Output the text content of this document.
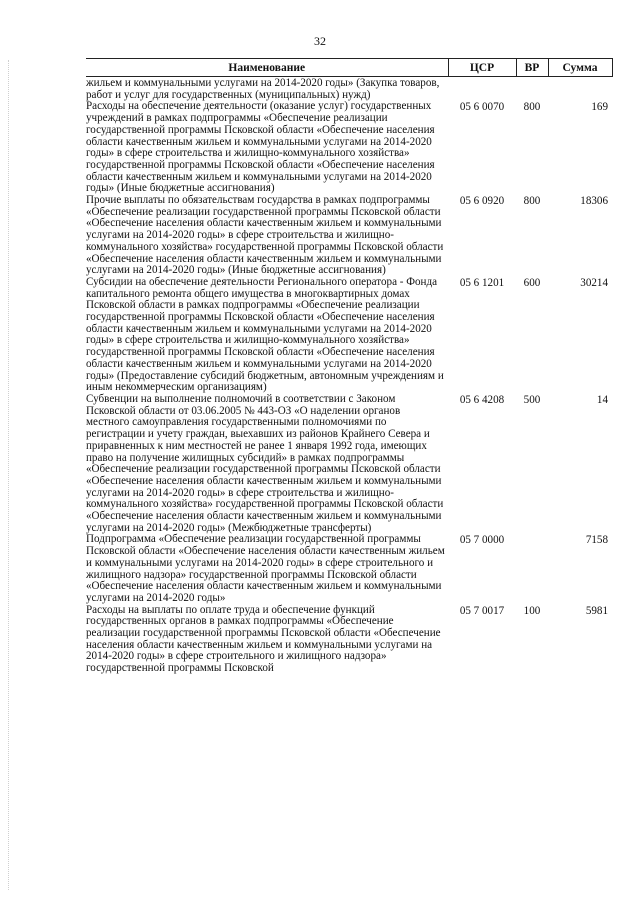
32
Наименование	ЦСР	ВР	Сумма
жильем и коммунальными услугами на 2014-2020 годы» (Закупка товаров, работ и услуг для государственных (муниципальных) нужд)			
Расходы на обеспечение деятельности (оказание услуг) государственных учреждений в рамках подпрограммы «Обеспечение реализации государственной программы Псковской области «Обеспечение населения области качественным жильем и коммунальными услугами на 2014-2020 годы» в сфере строительства и жилищно-коммунального хозяйства» государственной программы Псковской области «Обеспечение населения области качественным жильем и коммунальными услугами на 2014-2020 годы» (Иные бюджетные ассигнования)	05 6 0070	800	169
Прочие выплаты по обязательствам государства в рамках подпрограммы «Обеспечение реализации государственной программы Псковской области «Обеспечение населения области качественным жильем и коммунальными услугами на 2014-2020 годы» в сфере строительства и жилищно-коммунального хозяйства» государственной программы Псковской области «Обеспечение населения области качественным жильем и коммунальными услугами на 2014-2020 годы» (Иные бюджетные ассигнования)	05 6 0920	800	18306
Субсидии на обеспечение деятельности Регионального оператора - Фонда капитального ремонта общего имущества в многоквартирных домах Псковской области в рамках подпрограммы «Обеспечение реализации государственной программы Псковской области «Обеспечение населения области качественным жильем и коммунальными услугами на 2014-2020 годы» в сфере строительства и жилищно-коммунального хозяйства» государственной программы Псковской области «Обеспечение населения области качественным жильем и коммунальными услугами на 2014-2020 годы» (Предоставление субсидий бюджетным, автономным учреждениям и иным некоммерческим организациям)	05 6 1201	600	30214
Субвенции на выполнение полномочий в соответствии с Законом Псковской области от 03.06.2005 № 443-ОЗ «О наделении органов местного самоуправления государственными полномочиями по регистрации и учету граждан, выехавших из районов Крайнего Севера и приравненных к ним местностей не ранее 1 января 1992 года, имеющих право на получение жилищных субсидий» в рамках подпрограммы «Обеспечение реализации государственной программы Псковской области «Обеспечение населения области качественным жильем и коммунальными услугами на 2014-2020 годы» в сфере строительства и жилищно-коммунального хозяйства» государственной программы Псковской области «Обеспечение населения области качественным жильем и коммунальными услугами на 2014-2020 годы» (Межбюджетные трансферты)	05 6 4208	500	14
Подпрограмма «Обеспечение реализации государственной программы Псковской области «Обеспечение населения области качественным жильем и коммунальными услугами на 2014-2020 годы» в сфере строительного и жилищного надзора» государственной программы Псковской области «Обеспечение населения области качественным жильем и коммунальными услугами на 2014-2020 годы»	05 7 0000		7158
Расходы на выплаты по оплате труда и обеспечение функций государственных органов в рамках подпрограммы «Обеспечение реализации государственной программы Псковской области «Обеспечение населения области качественным жильем и коммунальными услугами на 2014-2020 годы» в сфере строительного и жилищного надзора» государственной программы Псковской	05 7 0017	100	5981
